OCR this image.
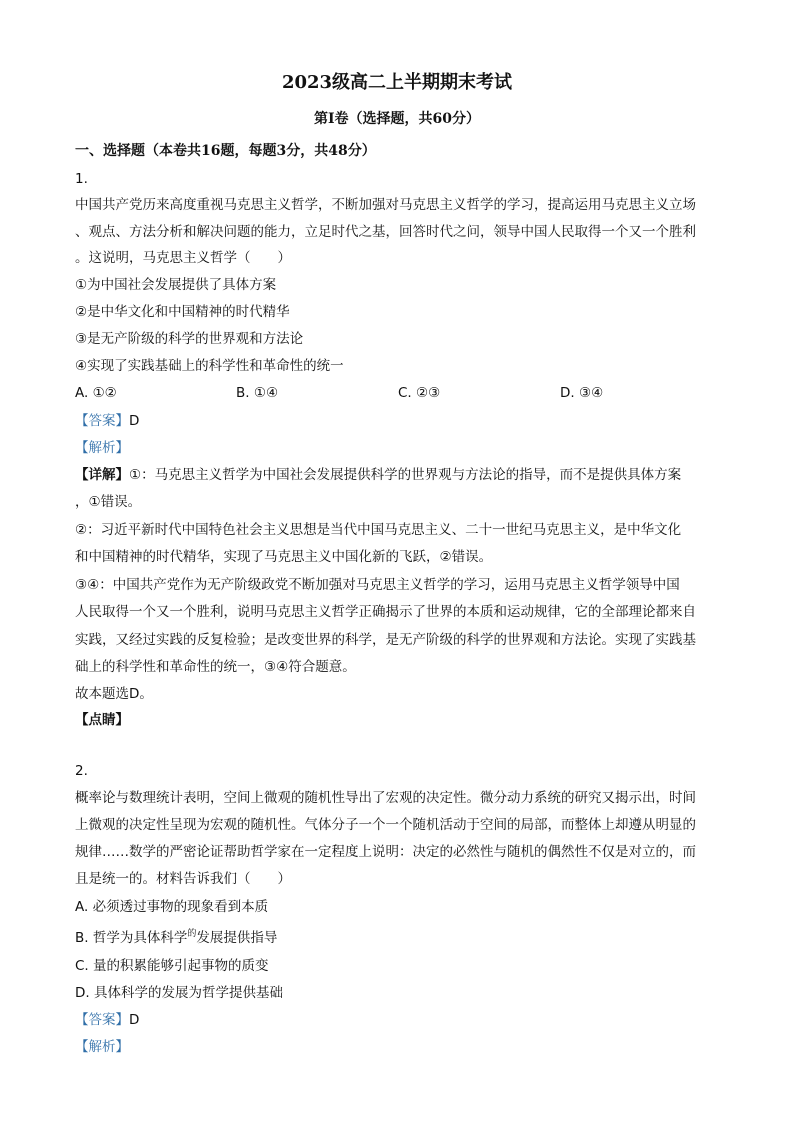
2023级高二上半期期末考试
第Ⅰ卷（选择题，共60分）
一、选择题（本卷共16题，每题3分，共48分）
1.
中国共产党历来高度重视马克思主义哲学，不断加强对马克思主义哲学的学习，提高运用马克思主义立场
、观点、方法分析和解决问题的能力，立足时代之基，回答时代之问，领导中国人民取得一个又一个胜利
。这说明，马克思主义哲学（　　）
①为中国社会发展提供了具体方案
②是中华文化和中国精神的时代精华
③是无产阶级的科学的世界观和方法论
④实现了实践基础上的科学性和革命性的统一
A. ①②	B. ①④	C. ②③	D. ③④
【答案】D
【解析】
【详解】①：马克思主义哲学为中国社会发展提供科学的世界观与方法论的指导，而不是提供具体方案
，①错误。
②：习近平新时代中国特色社会主义思想是当代中国马克思主义、二十一世纪马克思主义，是中华文化
和中国精神的时代精华，实现了马克思主义中国化新的飞跃，②错误。
③④：中国共产党作为无产阶级政党不断加强对马克思主义哲学的学习，运用马克思主义哲学领导中国
人民取得一个又一个胜利，说明马克思主义哲学正确揭示了世界的本质和运动规律，它的全部理论都来自
实践，又经过实践的反复检验；是改变世界的科学，是无产阶级的科学的世界观和方法论。实现了实践基
础上的科学性和革命性的统一，③④符合题意。
故本题选D。
【点睛】
2.
概率论与数理统计表明，空间上微观的随机性导出了宏观的决定性。微分动力系统的研究又揭示出，时间
上微观的决定性呈现为宏观的随机性。气体分子一个一个随机活动于空间的局部，而整体上却遵从明显的
规律……数学的严密论证帮助哲学家在一定程度上说明：决定的必然性与随机的偶然性不仅是对立的，而
且是统一的。材料告诉我们（　　）
A. 必须透过事物的现象看到本质
B. 哲学为具体科学$^的$发展提供指导
C. 量的积累能够引起事物的质变
D. 具体科学的发展为哲学提供基础
【答案】D
【解析】
